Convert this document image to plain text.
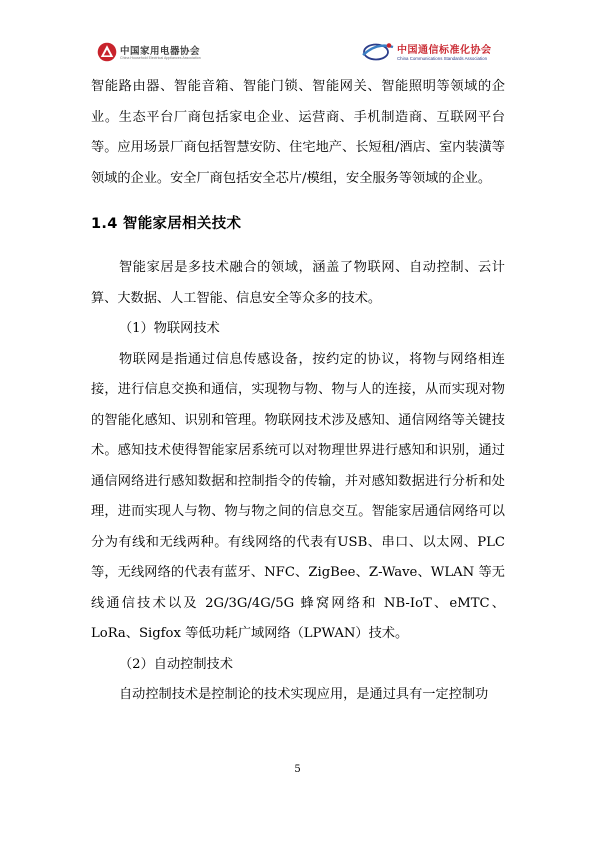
中国家用电器协会
China Household Electrical Appliances Association
中国通信标准化协会
China Communications Standards Association

智能路由器、智能音箱、智能门锁、智能网关、智能照明等领域的企业。生态平台厂商包括家电企业、运营商、手机制造商、互联网平台等。应用场景厂商包括智慧安防、住宅地产、长短租/酒店、室内装潢等领域的企业。安全厂商包括安全芯片/模组，安全服务等领域的企业。

1.4 智能家居相关技术

智能家居是多技术融合的领域，涵盖了物联网、自动控制、云计算、大数据、人工智能、信息安全等众多的技术。

（1）物联网技术

物联网是指通过信息传感设备，按约定的协议，将物与网络相连接，进行信息交换和通信，实现物与物、物与人的连接，从而实现对物的智能化感知、识别和管理。物联网技术涉及感知、通信网络等关键技术。感知技术使得智能家居系统可以对物理世界进行感知和识别，通过通信网络进行感知数据和控制指令的传输，并对感知数据进行分析和处理，进而实现人与物、物与物之间的信息交互。智能家居通信网络可以分为有线和无线两种。有线网络的代表有USB、串口、以太网、PLC 等，无线网络的代表有蓝牙、NFC、ZigBee、Z-Wave、WLAN 等无线通信技术以及 2G/3G/4G/5G 蜂窝网络和 NB-IoT、eMTC、LoRa、Sigfox 等低功耗广域网络（LPWAN）技术。

（2）自动控制技术

自动控制技术是控制论的技术实现应用，是通过具有一定控制功

5
